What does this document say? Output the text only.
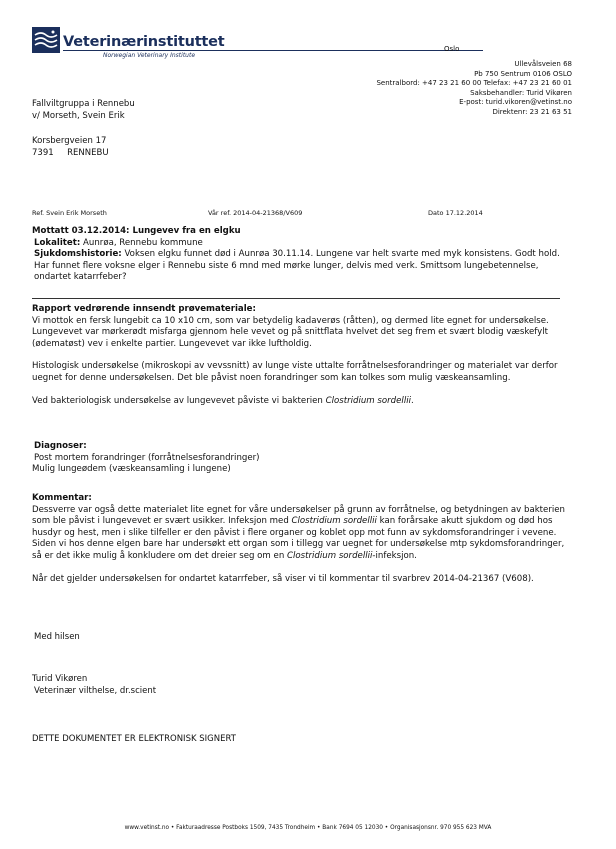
Veterinærinstituttet
Norwegian Veterinary Institute
Oslo
Ullevålsveien 68
Pb 750 Sentrum 0106 OSLO
Sentralbord: +47 23 21 60 00 Telefax: +47 23 21 60 01
Saksbehandler: Turid Vikøren
E-post: turid.vikoren@vetinst.no
Direktenr: 23 21 63 51
Fallviltgruppa i Rennebu
v/ Morseth, Svein Erik
Korsbergveien 17
7391 RENNEBU
Ref. Svein Erik Morseth	Vår ref. 2014-04-21368/V609	Dato 17.12.2014

Mottatt 03.12.2014: Lungevev fra en elgku

Lokalitet: Aunrøa, Rennebu kommune

Sjukdomshistorie: Voksen elgku funnet død i Aunrøa 30.11.14. Lungene var helt svarte med myk konsistens. Godt hold. Har funnet flere voksne elger i Rennebu siste 6 mnd med mørke lunger, delvis med verk. Smittsom lungebetennelse, ondartet katarrfeber?

Rapport vedrørende innsendt prøvemateriale:

Vi mottok en fersk lungebit ca 10 x10 cm, som var betydelig kadaverøs (råtten), og dermed lite egnet for undersøkelse. Lungevevet var mørkerødt misfarga gjennom hele vevet og på snittflata hvelvet det seg frem et svært blodig væskefylt (ødematøst) vev i enkelte partier. Lungevevet var ikke luftholdig.

Histologisk undersøkelse (mikroskopi av vevssnitt) av lunge viste uttalte forråtnelsesforandringer og materialet var derfor uegnet for denne undersøkelsen. Det ble påvist noen forandringer som kan tolkes som mulig væskeansamling.

Ved bakteriologisk undersøkelse av lungevevet påviste vi bakterien Clostridium sordellii.

Diagnoser:

Post mortem forandringer (forråtnelsesforandringer)

Mulig lungeødem (væskeansamling i lungene)

Kommentar:

Dessverre var også dette materialet lite egnet for våre undersøkelser på grunn av forråtnelse, og betydningen av bakterien som ble påvist i lungevevet er svært usikker. Infeksjon med Clostridium sordellii kan forårsake akutt sjukdom og død hos husdyr og hest, men i slike tilfeller er den påvist i flere organer og koblet opp mot funn av sykdomsforandringer i vevene. Siden vi hos denne elgen bare har undersøkt ett organ som i tillegg var uegnet for undersøkelse mtp sykdomsforandringer, så er det ikke mulig å konkludere om det dreier seg om en Clostridium sordellii-infeksjon.

Når det gjelder undersøkelsen for ondartet katarrfeber, så viser vi til kommentar til svarbrev 2014-04-21367 (V608).

Med hilsen
Turid Vikøren
Veterinær vilthelse, dr.scient
DETTE DOKUMENTET ER ELEKTRONISK SIGNERT
www.vetinst.no • Fakturaadresse Postboks 1509, 7435 Trondheim • Bank 7694 05 12030 • Organisasjonsnr. 970 955 623 MVA
